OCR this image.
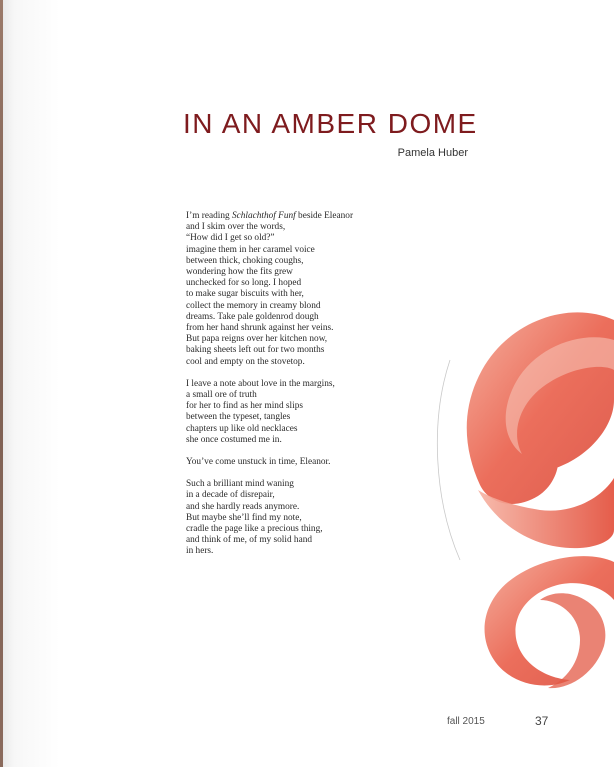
IN AN AMBER DOME
Pamela Huber
I’m reading Schlachthof Funf beside Eleanor
and I skim over the words,
“How did I get so old?”
imagine them in her caramel voice
between thick, choking coughs,
wondering how the fits grew
unchecked for so long. I hoped
to make sugar biscuits with her,
collect the memory in creamy blond
dreams. Take pale goldenrod dough
from her hand shrunk against her veins.
But papa reigns over her kitchen now,
baking sheets left out for two months
cool and empty on the stovetop.
I leave a note about love in the margins,
a small ore of truth
for her to find as her mind slips
between the typeset, tangles
chapters up like old necklaces
she once costumed me in.
You’ve come unstuck in time, Eleanor.
Such a brilliant mind waning
in a decade of disrepair,
and she hardly reads anymore.
But maybe she’ll find my note,
cradle the page like a precious thing,
and think of me, of my solid hand
in hers.
fall 2015	37
